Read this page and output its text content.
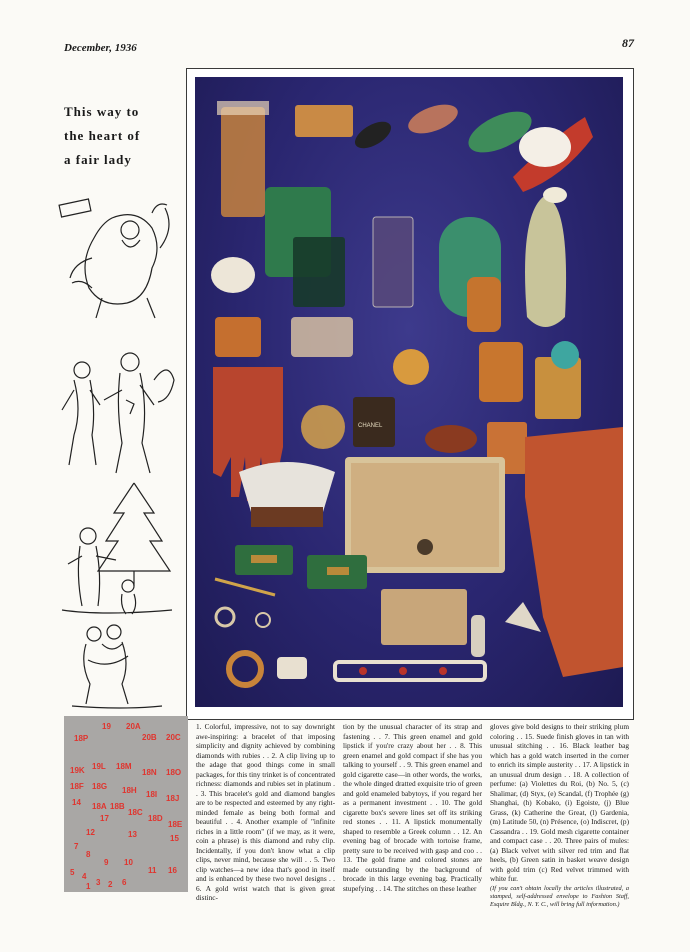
December, 1936	87
This way to
the heart of
a fair lady
CHANEL
18P
19 20A
20B 20C
19K 19L 18M
18N 18O
18F 18G 18H 18I 18J
14 18A 18B
18C
18D
18E
17
12	13	15
7
8
9 10
11 16
5 4
3 2
1	6

1. Colorful, impressive, not to say downright awe-inspiring: a bracelet of that imposing simplicity and dignity achieved by combining diamonds with rubies . . 2. A clip living up to the adage that good things come in small packages, for this tiny trinket is of concentrated richness: diamonds and rubies set in platinum . . 3. This bracelet's gold and diamond bangles are to be respected and esteemed by any right-minded female as being both formal and beautiful . . 4. Another example of "infinite riches in a little room" (if we may, as it were, coin a phrase) is this diamond and ruby clip. Incidentally, if you don't know what a clip clips, never mind, because she will . . 5. Two clip watches—a new idea that's good in itself and is enhanced by these two novel designs . . 6. A gold wrist watch that is given great distinc-

tion by the unusual character of its strap and fastening . . 7. This green enamel and gold lipstick if you're crazy about her . . 8. This green enamel and gold compact if she has you talking to yourself . . 9. This green enamel and gold cigarette case—in other words, the works, the whole dinged dratted exquisite trio of green and gold enameled babytoys, if you regard her as a permanent investment . . 10. The gold cigarette box's severe lines set off its striking red stones . . 11. A lipstick monumentally shaped to resemble a Greek column . . 12. An evening bag of brocade with tortoise frame, pretty sure to be received with gasp and coo . . 13. The gold frame and colored stones are made outstanding by the background of brocade in this large evening bag. Practically stupefying . . 14. The stitches on these leather

gloves give bold designs to their striking plum coloring . . 15. Suede finish gloves in tan with unusual stitching . . 16. Black leather bag which has a gold watch inserted in the corner to enrich its simple austerity . . 17. A lipstick in an unusual drum design . . 18. A collection of perfume: (a) Violettes du Roi, (b) No. 5, (c) Shalimar, (d) Styx, (e) Scandal, (f) Trophée (g) Shanghai, (h) Kobako, (i) Egoiste, (j) Blue Grass, (k) Catherine the Great, (l) Gardenia, (m) Latitude 50, (n) Présence, (o) Indiscret, (p) Cassandra . . 19. Gold mesh cigarette container and compact case . . 20. Three pairs of mules: (a) Black velvet with silver red trim and flat heels, (b) Green satin in basket weave design with gold trim (c) Red velvet trimmed with white fur.

(If you can't obtain locally the articles illustrated, a stamped, self-addressed envelope to Fashion Staff, Esquire Bldg., N. Y. C., will bring full information.)
